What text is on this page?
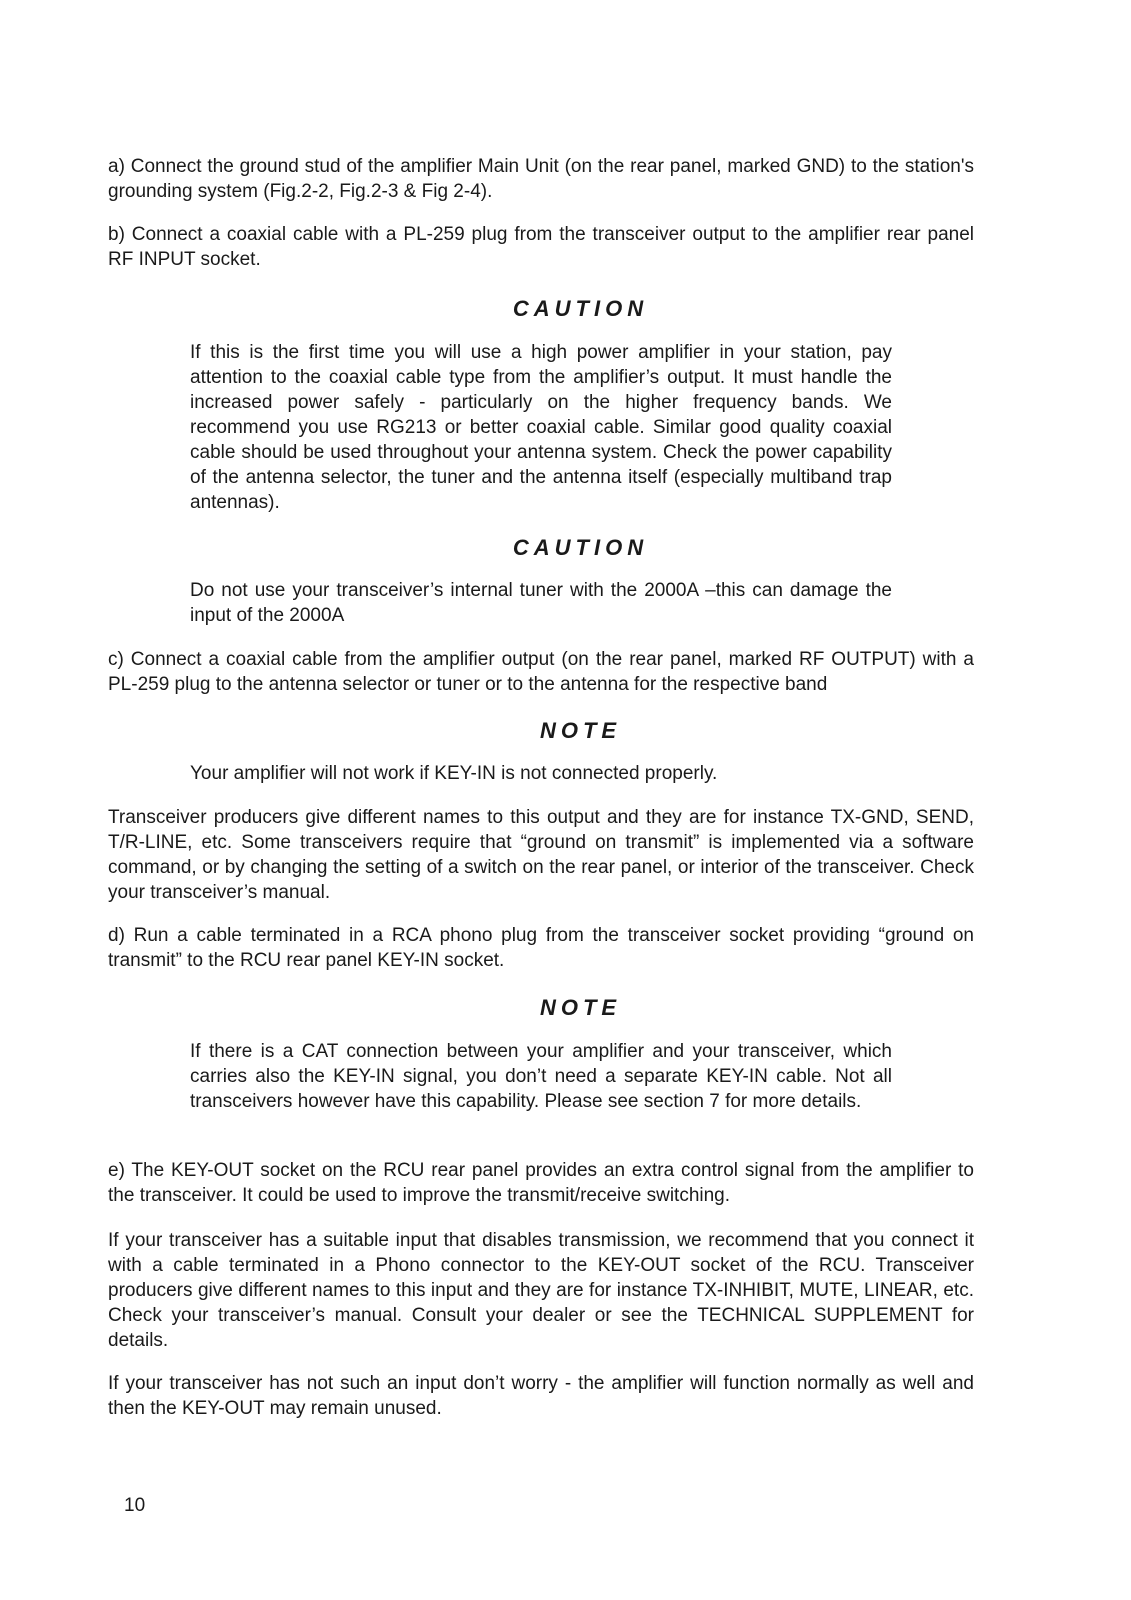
a) Connect the ground stud of the amplifier Main Unit (on the rear panel, marked GND) to the station's grounding system (Fig.2-2, Fig.2-3 & Fig 2-4).

b) Connect a coaxial cable with a PL-259 plug from the transceiver output to the amplifier rear panel RF INPUT socket.

CAUTION

If this is the first time you will use a high power amplifier in your station, pay attention to the coaxial cable type from the amplifier’s output. It must handle the increased power safely - particularly on the higher frequency bands. We recommend you use RG213 or better coaxial cable. Similar good quality coaxial cable should be used throughout your antenna system. Check the power capability of the antenna selector, the tuner and the antenna itself (especially multiband trap antennas).

CAUTION

Do not use your transceiver’s internal tuner with the 2000A –this can damage the input of the 2000A

c) Connect a coaxial cable from the amplifier output (on the rear panel, marked RF OUTPUT) with a PL-259 plug to the antenna selector or tuner or to the antenna for the respective band

NOTE

Your amplifier will not work if KEY-IN is not connected properly.

Transceiver producers give different names to this output and they are for instance TX-GND, SEND, T/R-LINE, etc. Some transceivers require that “ground on transmit” is implemented via a software command, or by changing the setting of a switch on the rear panel, or interior of the transceiver. Check your transceiver’s manual.

d) Run a cable terminated in a RCA phono plug from the transceiver socket providing “ground on transmit” to the RCU rear panel KEY-IN socket.

NOTE

If there is a CAT connection between your amplifier and your transceiver, which carries also the KEY-IN signal, you don’t need a separate KEY-IN cable. Not all transceivers however have this capability. Please see section 7 for more details.

e) The KEY-OUT socket on the RCU rear panel provides an extra control signal from the amplifier to the transceiver. It could be used to improve the transmit/receive switching.

If your transceiver has a suitable input that disables transmission, we recommend that you connect it with a cable terminated in a Phono connector to the KEY-OUT socket of the RCU. Transceiver producers give different names to this input and they are for instance TX-INHIBIT, MUTE, LINEAR, etc. Check your transceiver’s manual. Consult your dealer or see the TECHNICAL SUPPLEMENT for details.

If your transceiver has not such an input don’t worry - the amplifier will function normally as well and then the KEY-OUT may remain unused.

10
